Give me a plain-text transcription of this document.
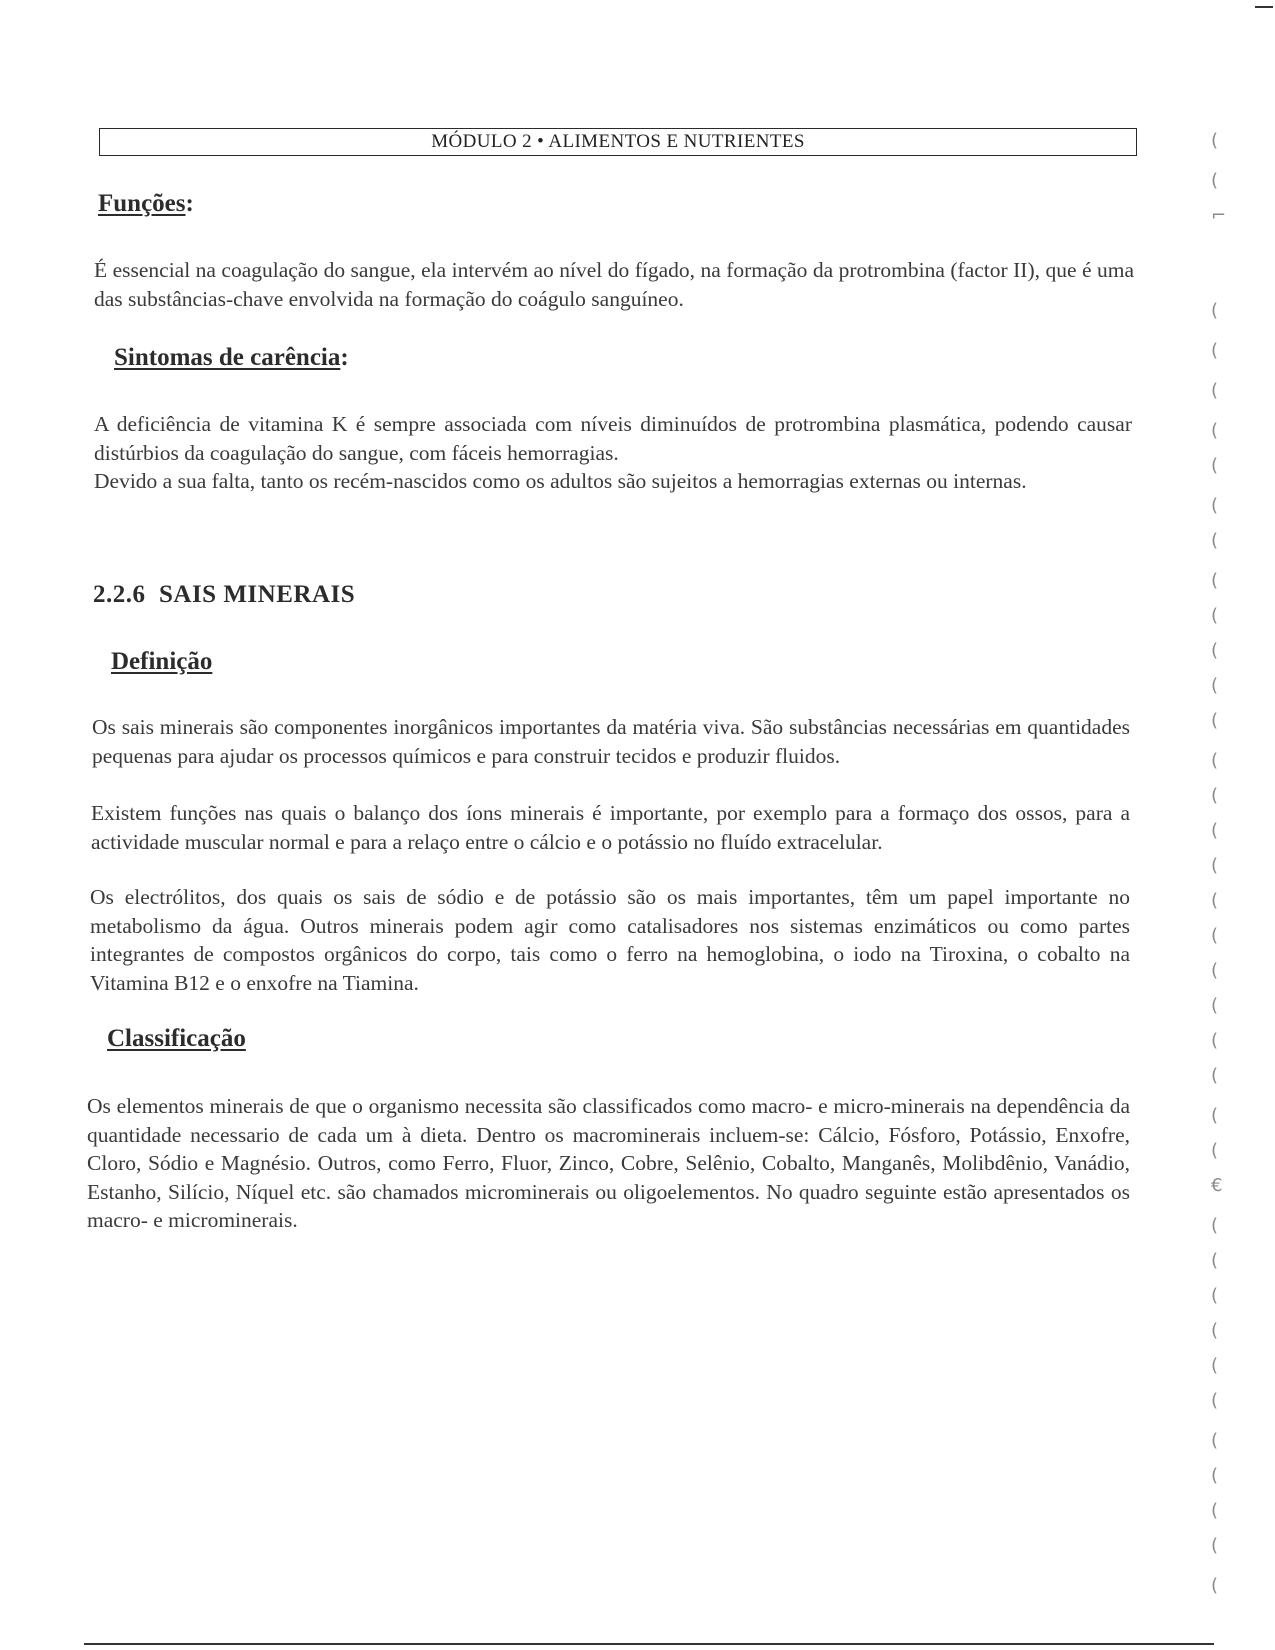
MÓDULO 2 • ALIMENTOS E NUTRIENTES
Funções:
É essencial na coagulação do sangue, ela intervém ao nível do fígado, na formação da protrombina (factor II), que é uma das substâncias-chave envolvida na formação do coágulo sanguíneo.
Sintomas de carência:
A deficiência de vitamina K é sempre associada com níveis diminuídos de protrombina plasmática, podendo causar distúrbios da coagulação do sangue, com fáceis hemorragias.
Devido a sua falta, tanto os recém-nascidos como os adultos são sujeitos a hemorragias externas ou internas.
2.2.6  SAIS MINERAIS
Definição
Os sais minerais são componentes inorgânicos importantes da matéria viva. São substâncias necessárias em quantidades pequenas para ajudar os processos químicos e para construir tecidos e produzir fluidos.
Existem funções nas quais o balanço dos íons minerais é importante, por exemplo para a formaço dos ossos, para a actividade muscular normal e para a relaço entre o cálcio e o potássio no fluído extracelular.
Os electrólitos, dos quais os sais de sódio e de potássio são os mais importantes, têm um papel importante no metabolismo da água. Outros minerais podem agir como catalisadores nos sistemas enzimáticos ou como partes integrantes de compostos orgânicos do corpo, tais como o ferro na hemoglobina, o iodo na Tiroxina, o cobalto na Vitamina B12 e o enxofre na Tiamina.
Classificação
Os elementos minerais de que o organismo necessita são classificados como macro- e micro-minerais na dependência da quantidade necessario de cada um à dieta. Dentro os macrominerais incluem-se: Cálcio, Fósforo, Potássio, Enxofre, Cloro, Sódio e Magnésio. Outros, como Ferro, Fluor, Zinco, Cobre, Selênio, Cobalto, Manganês, Molibdênio, Vanádio, Estanho, Silício, Níquel etc. são chamados microminerais ou oligoelementos. No quadro seguinte estão apresentados os macro- e microminerais.
(
(
⌐
(
(
(
(
(
(
(
(
(
(
(
(
(
(
(
(
(
(
(
(
(
(
(
(
€
(
(
(
(
(
(
(
(
(
(
(
